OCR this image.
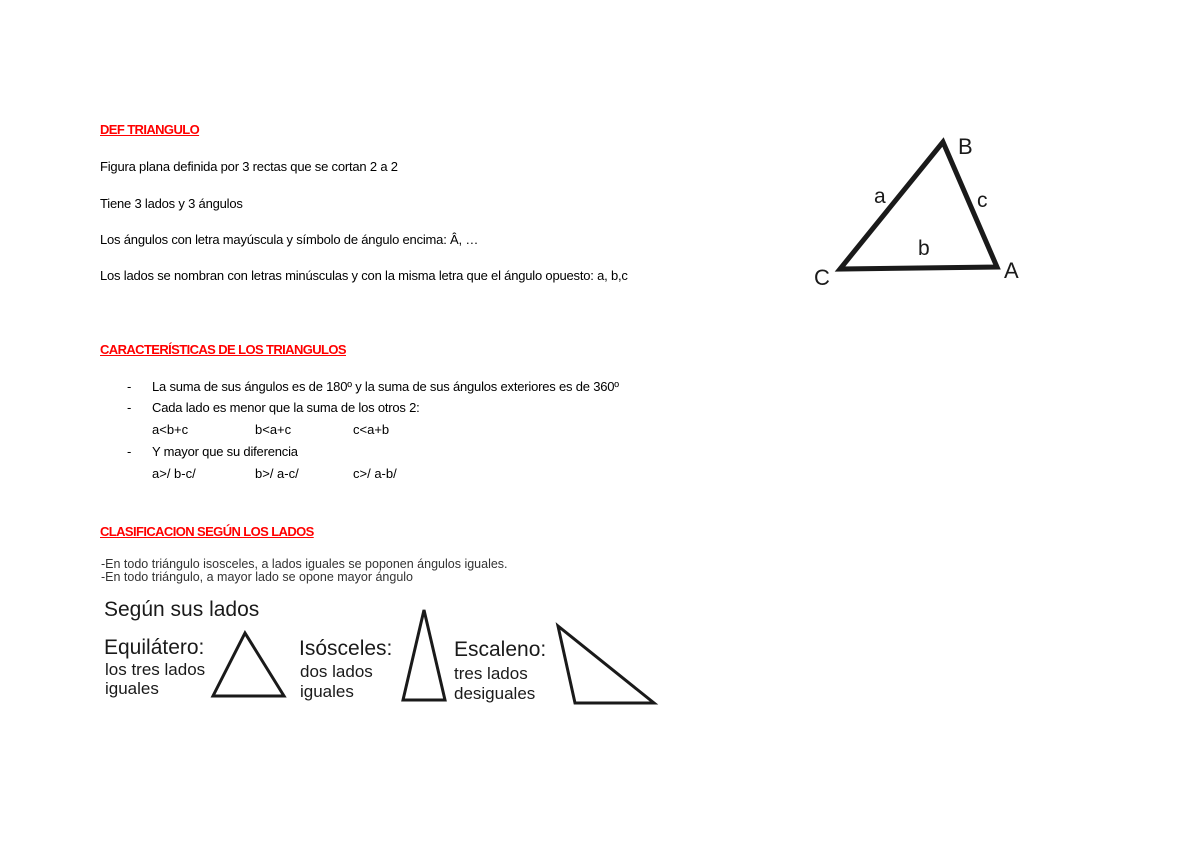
DEF TRIANGULO
Figura plana definida por 3 rectas que se cortan 2 a 2
Tiene 3 lados y 3 ángulos
Los ángulos con letra mayúscula y símbolo de ángulo encima: Â, …
Los lados se nombran con letras minúsculas y con la misma letra que el ángulo opuesto: a, b,c
B
C	A
a	c
b
CARACTERÍSTICAS DE LOS TRIANGULOS
- La suma de sus ángulos es de 180º y la suma de sus ángulos exteriores es de 360º
- Cada lado es menor que la suma de los otros 2:
a<b+c	b<a+c	c<a+b
- Y mayor que su diferencia
a>/ b-c/	b>/ a-c/	c>/ a-b/
CLASIFICACION SEGÚN LOS LADOS
-En todo triángulo isosceles, a lados iguales se poponen ángulos iguales.
-En todo triángulo, a mayor lado se opone mayor ángulo
Según sus lados
Equilátero:
los tres lados
iguales
Isósceles:
dos lados
iguales
Escaleno:
tres lados
desiguales
